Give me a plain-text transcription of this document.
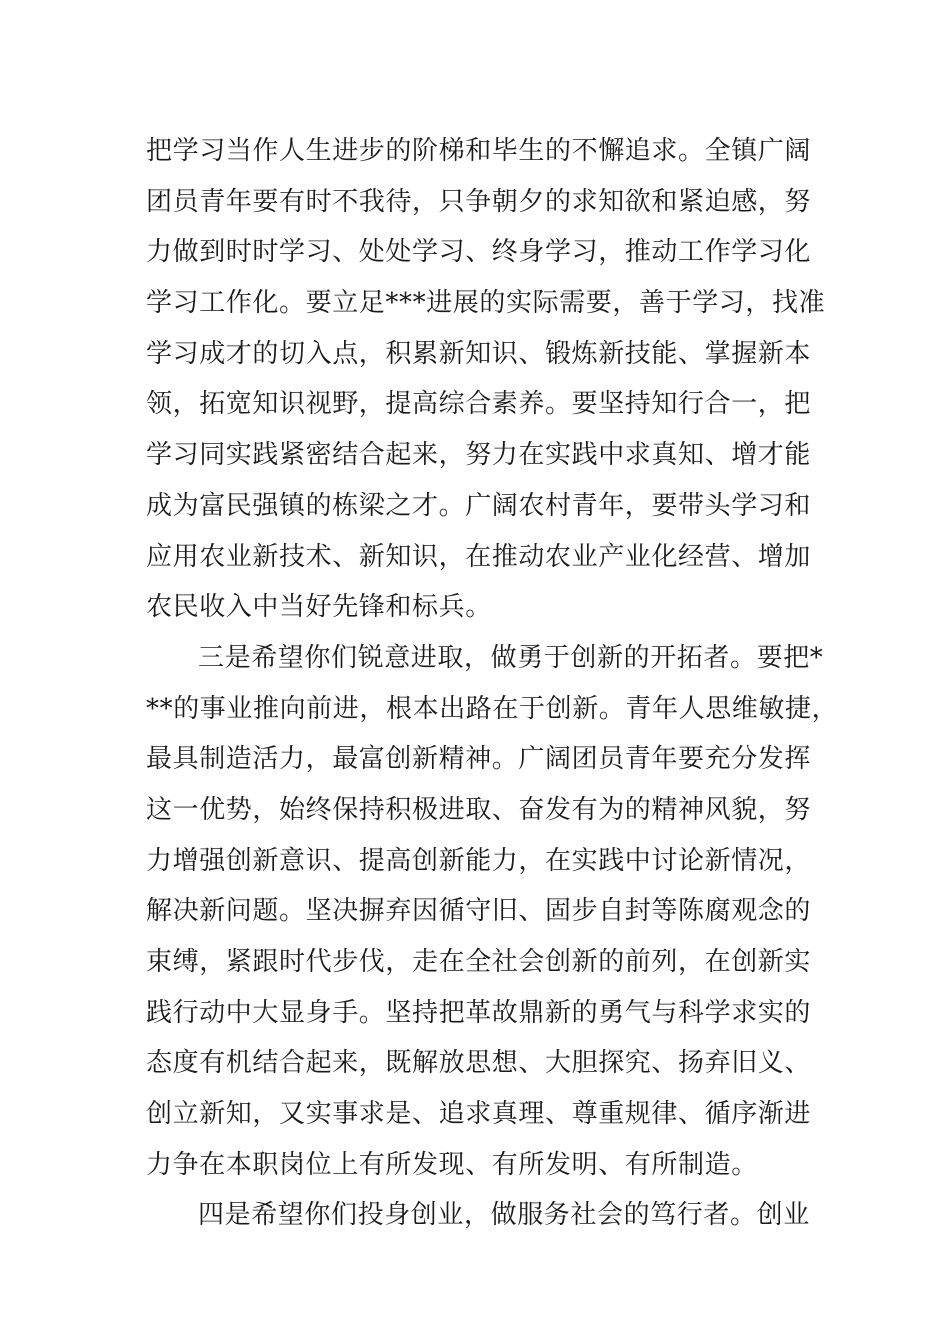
把学习当作人生进步的阶梯和毕生的不懈追求。全镇广阔
团员青年要有时不我待，只争朝夕的求知欲和紧迫感，努
力做到时时学习、处处学习、终身学习，推动工作学习化
学习工作化。要立足***进展的实际需要，善于学习，找准
学习成才的切入点，积累新知识、锻炼新技能、掌握新本
领，拓宽知识视野，提高综合素养。要坚持知行合一，把
学习同实践紧密结合起来，努力在实践中求真知、增才能
成为富民强镇的栋梁之才。广阔农村青年，要带头学习和
应用农业新技术、新知识，在推动农业产业化经营、增加
农民收入中当好先锋和标兵。
三是希望你们锐意进取，做勇于创新的开拓者。要把*
**的事业推向前进，根本出路在于创新。青年人思维敏捷，
最具制造活力，最富创新精神。广阔团员青年要充分发挥
这一优势，始终保持积极进取、奋发有为的精神风貌，努
力增强创新意识、提高创新能力，在实践中讨论新情况，
解决新问题。坚决摒弃因循守旧、固步自封等陈腐观念的
束缚，紧跟时代步伐，走在全社会创新的前列，在创新实
践行动中大显身手。坚持把革故鼎新的勇气与科学求实的
态度有机结合起来，既解放思想、大胆探究、扬弃旧义、
创立新知，又实事求是、追求真理、尊重规律、循序渐进
力争在本职岗位上有所发现、有所发明、有所制造。
四是希望你们投身创业，做服务社会的笃行者。创业
